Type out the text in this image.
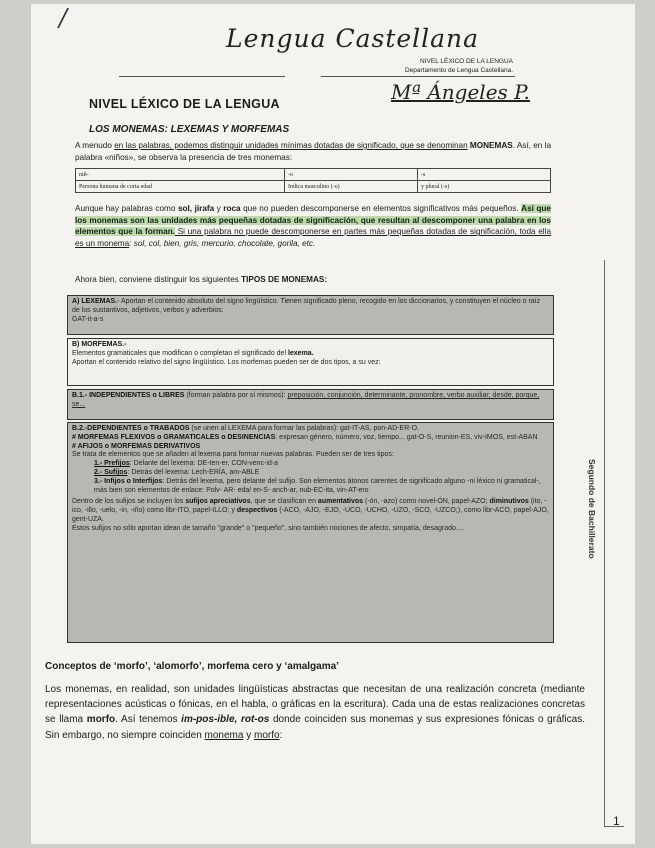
/
Lengua Castellana
NIVEL LÉXICO DE LA LENGUA
Departamento de Lengua Castellana.
Mª Ángeles P.
NIVEL LÉXICO DE LA LENGUA
LOS MONEMAS: LEXEMAS Y MORFEMAS

A menudo en las palabras, podemos distinguir unidades mínimas dotadas de significado, que se denominan MONEMAS. Así, en la palabra «niños», se observa la presencia de tres monemas:

niñ-	-o	-s
Persona humana de corta edad	Indica masculino (-o)	y plural (-s)

Aunque hay palabras como sol, jirafa y roca que no pueden descomponerse en elementos significativos más pequeños. Así que los monemas son las unidades más pequeñas dotadas de significación, que resultan al descomponer una palabra en los elementos que la forman. Si una palabra no puede descomponerse en partes más pequeñas dotadas de significación, toda ella es un monema: sol, col, bien, gris, mercurio, chocolate, gorila, etc.

Ahora bien, conviene distinguir los siguientes TIPOS DE MONEMAS:

Segundo de Bachillerato

A) LEXEMAS.- Aportan el contenido absoluto del signo lingüístico. Tienen significado pleno, recogido en los diccionarios, y constituyen el núcleo o raíz de los sustantivos, adjetivos, verbos y adverbios:

GAT-it-a-s

B) MORFEMAS.-

Elementos gramaticales que modifican o completan el significado del lexema.

Aportan el contenido relativo del signo lingüístico. Los morfemas pueden ser de dos tipos, a su vez:

B.1.- INDEPENDIENTES o LIBRES (forman palabra por sí mismos): preposición, conjunción, determinante, pronombre, verbo auxiliar; desde, porque, se...

B.2.-DEPENDIENTES o TRABADOS (se unen al LEXEMA para formar las palabras): gat-IT-AS, pon-AD-ER-O.

# MORFEMAS FLEXIVOS o GRAMATICALES o DESINENCIAS: expresan género, número, voz, tiempo... gat-O-S, reunion-ES, viv-IMOS, est-ABAN

# AFIJOS o MORFEMAS DERIVATIVOS

Se trata de elementos que se añaden al lexema para formar nuevas palabras. Pueden ser de tres tipos:

1.- Prefijos: Delante del lexema: DE-ten-er, CON-venc-id-a

2.- Sufijos: Detrás del lexema: Lech-ERÍA, am-ABLE

3.- Infijos o Interfijos: Detrás del lexema, pero delante del sufijo. Son elementos átonos carentes de significado alguno -ni léxico ni gramatical-, más bien son elementos de enlace: Polv- AR- eda/ en-S- anch-ar, nub-EC-ita, vin-AT-ero

Dentro de los sufijos se incluyen los sufijos apreciativos, que se clasifican en aumentativos (-ón, -azo) como novel-ÓN, papel-AZO; diminutivos (ito, -ico, -illo, -uelo, -in, -iño) como libr-ITO, papel-ILLO; y despectivos (-ACO, -AJO, -EJO, -UCO, -UCHO, -UZO, -SCO, -UZCO;), como libr-ACO, papel-AJO, gent-UZA.

Estos sufijos no sólo aportan idean de tamaño "grande" o "pequeño", sino también nociones de afecto, simpatía, desagrado....

Conceptos de ‘morfo’, ‘alomorfo’, morfema cero y ‘amalgama’

Los monemas, en realidad, son unidades lingüísticas abstractas que necesitan de una realización concreta (mediante representaciones acústicas o fónicas, en el habla, o gráficas en la escritura). Cada una de estas realizaciones concretas se llama morfo. Así tenemos im-pos-ible, rot-os donde coinciden sus monemas y sus expresiones fónicas o gráficas. Sin embargo, no siempre coinciden monema y morfo:

1
